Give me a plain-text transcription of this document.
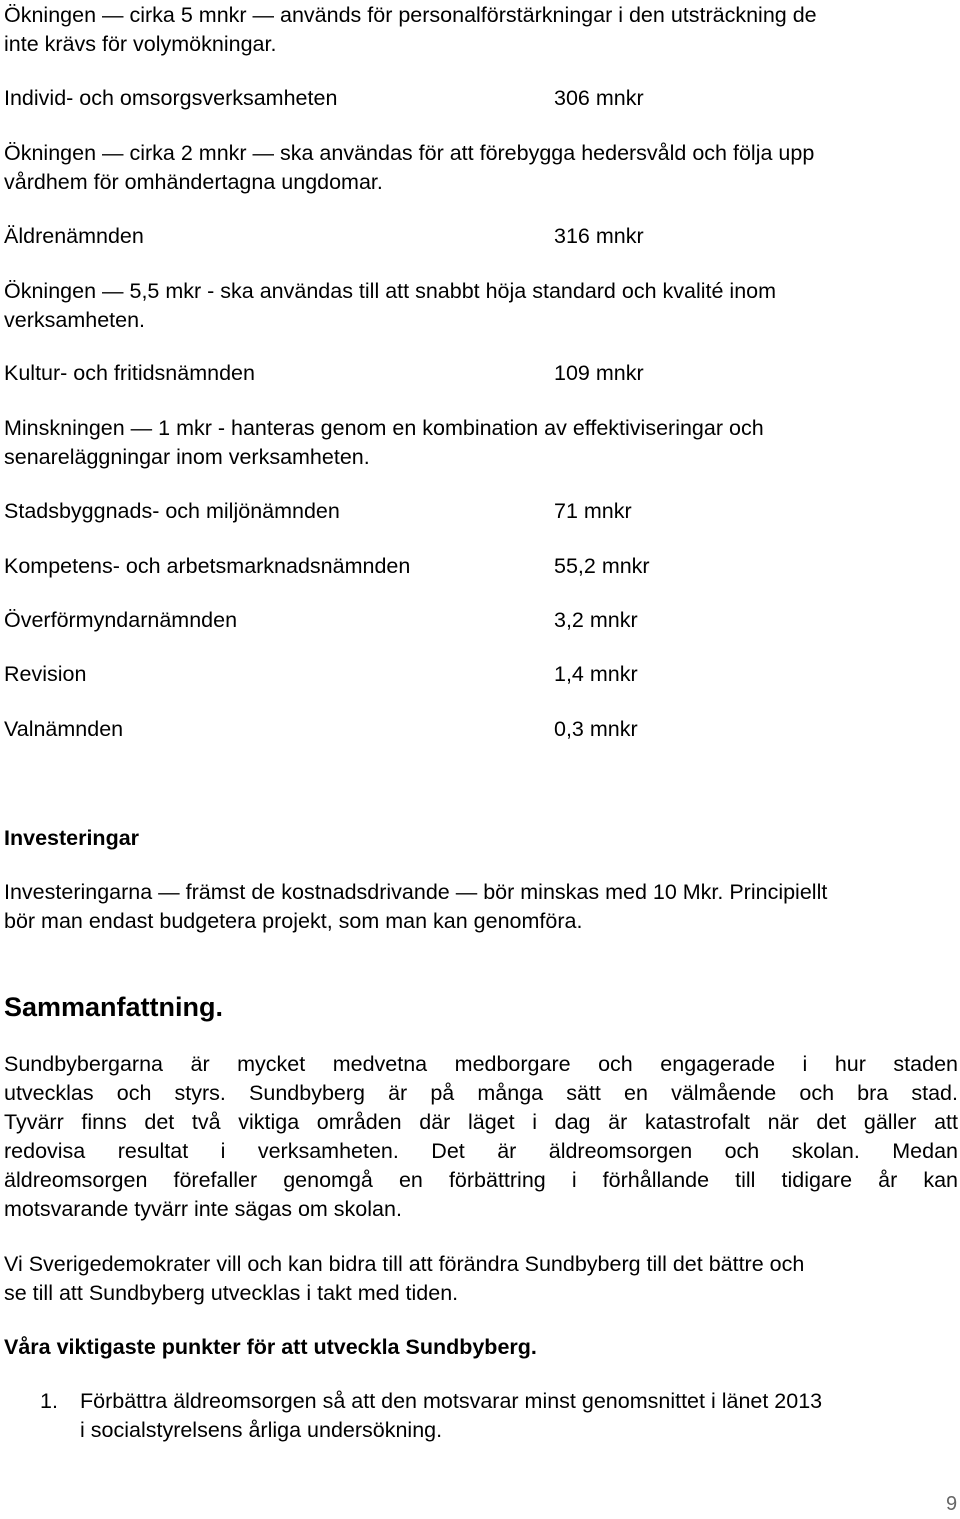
Ökningen — cirka 5 mnkr — används för personalförstärkningar i den utsträckning de
inte krävs för volymökningar.
Individ- och omsorgsverksamheten	306 mnkr
Ökningen — cirka 2 mnkr — ska användas för att förebygga hedersvåld och följa upp
vårdhem för omhändertagna ungdomar.
Äldrenämnden	316 mnkr
Ökningen — 5,5 mkr - ska användas till att snabbt höja standard och kvalité inom
verksamheten.
Kultur- och fritidsnämnden	109 mnkr
Minskningen — 1 mkr - hanteras genom en kombination av effektiviseringar och
senareläggningar inom verksamheten.
Stadsbyggnads- och miljönämnden	71 mnkr
Kompetens- och arbetsmarknadsnämnden	55,2 mnkr
Överförmyndarnämnden	3,2 mnkr
Revision	1,4 mnkr
Valnämnden	0,3 mnkr
Investeringar
Investeringarna — främst de kostnadsdrivande — bör minskas med 10 Mkr. Principiellt
bör man endast budgetera projekt, som man kan genomföra.
Sammanfattning.
Sundbybergarna är mycket medvetna medborgare och engagerade i hur staden
utvecklas och styrs. Sundbyberg är på många sätt en välmående och bra stad.
Tyvärr finns det två viktiga områden där läget i dag är katastrofalt när det gäller att
redovisa resultat i verksamheten. Det är äldreomsorgen och skolan. Medan
äldreomsorgen förefaller genomgå en förbättring i förhållande till tidigare år kan
motsvarande tyvärr inte sägas om skolan.
Vi Sverigedemokrater vill och kan bidra till att förändra Sundbyberg till det bättre och
se till att Sundbyberg utvecklas i takt med tiden.
Våra viktigaste punkter för att utveckla Sundbyberg.
1. Förbättra äldreomsorgen så att den motsvarar minst genomsnittet i länet 2013
i socialstyrelsens årliga undersökning.
9
